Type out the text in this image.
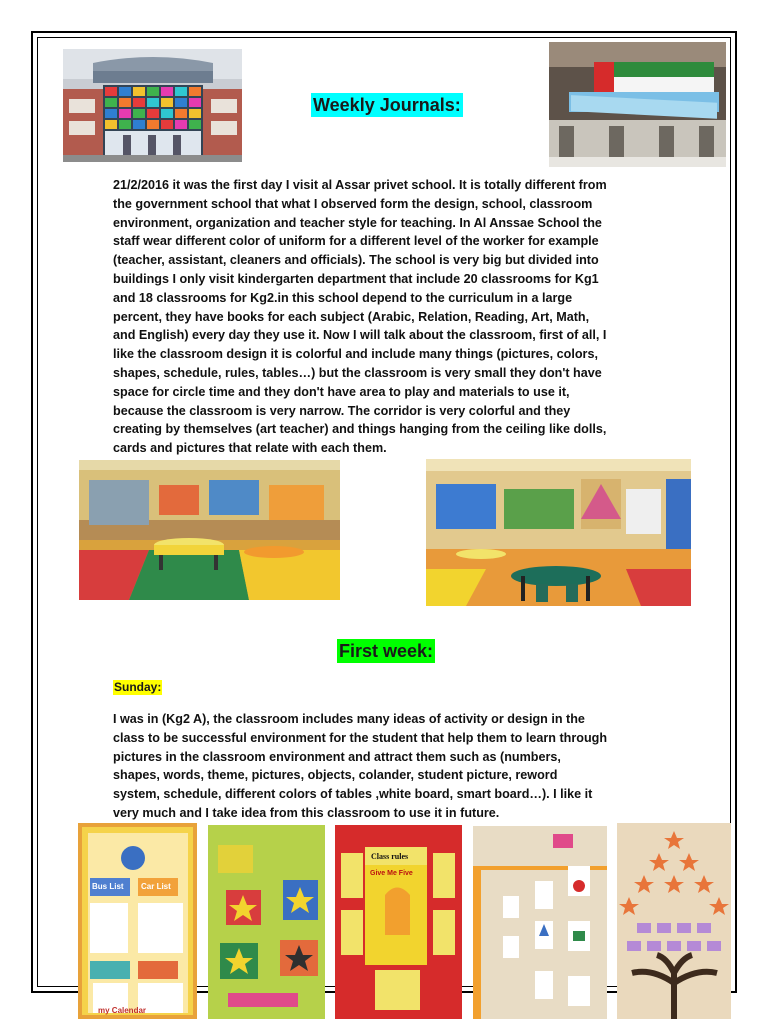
Weekly Journals:
21/2/2016 it was the first day I visit al Assar privet school. It is totally different from
the government school that what I observed form the design, school, classroom
environment, organization and teacher style for teaching. In Al Anssae School the
staff wear different color of uniform for a different level of the worker for example
(teacher, assistant, cleaners and officials). The school is very big but divided into
buildings I only visit kindergarten department that include 20 classrooms for Kg1
and 18 classrooms for Kg2.in this school depend to the curriculum in a large
percent, they have books for each subject (Arabic, Relation, Reading, Art, Math,
and English) every day they use it. Now I will talk about the classroom, first of all, I
like the classroom design it is colorful and include many things (pictures, colors,
shapes, schedule, rules, tables…) but the classroom is very small they don't have
space for circle time and they don't have area to play and materials to use it,
because the classroom is very narrow. The corridor is very colorful and they
creating by themselves (art teacher) and things hanging from the ceiling like dolls,
cards and pictures that relate with each them.
First week:
Sunday:
I was in (Kg2 A), the classroom includes many ideas of activity or design in the
class to be successful environment for the student that help them to learn through
pictures in the classroom environment and attract them such as (numbers,
shapes, words, theme, pictures, objects, colander, student picture, reword
system, schedule, different colors of tables ,white board, smart board…). I like it
very much and I take idea from this classroom to use it in future.
Bus List Car List
my Calendar
Class rules
Give Me Five
